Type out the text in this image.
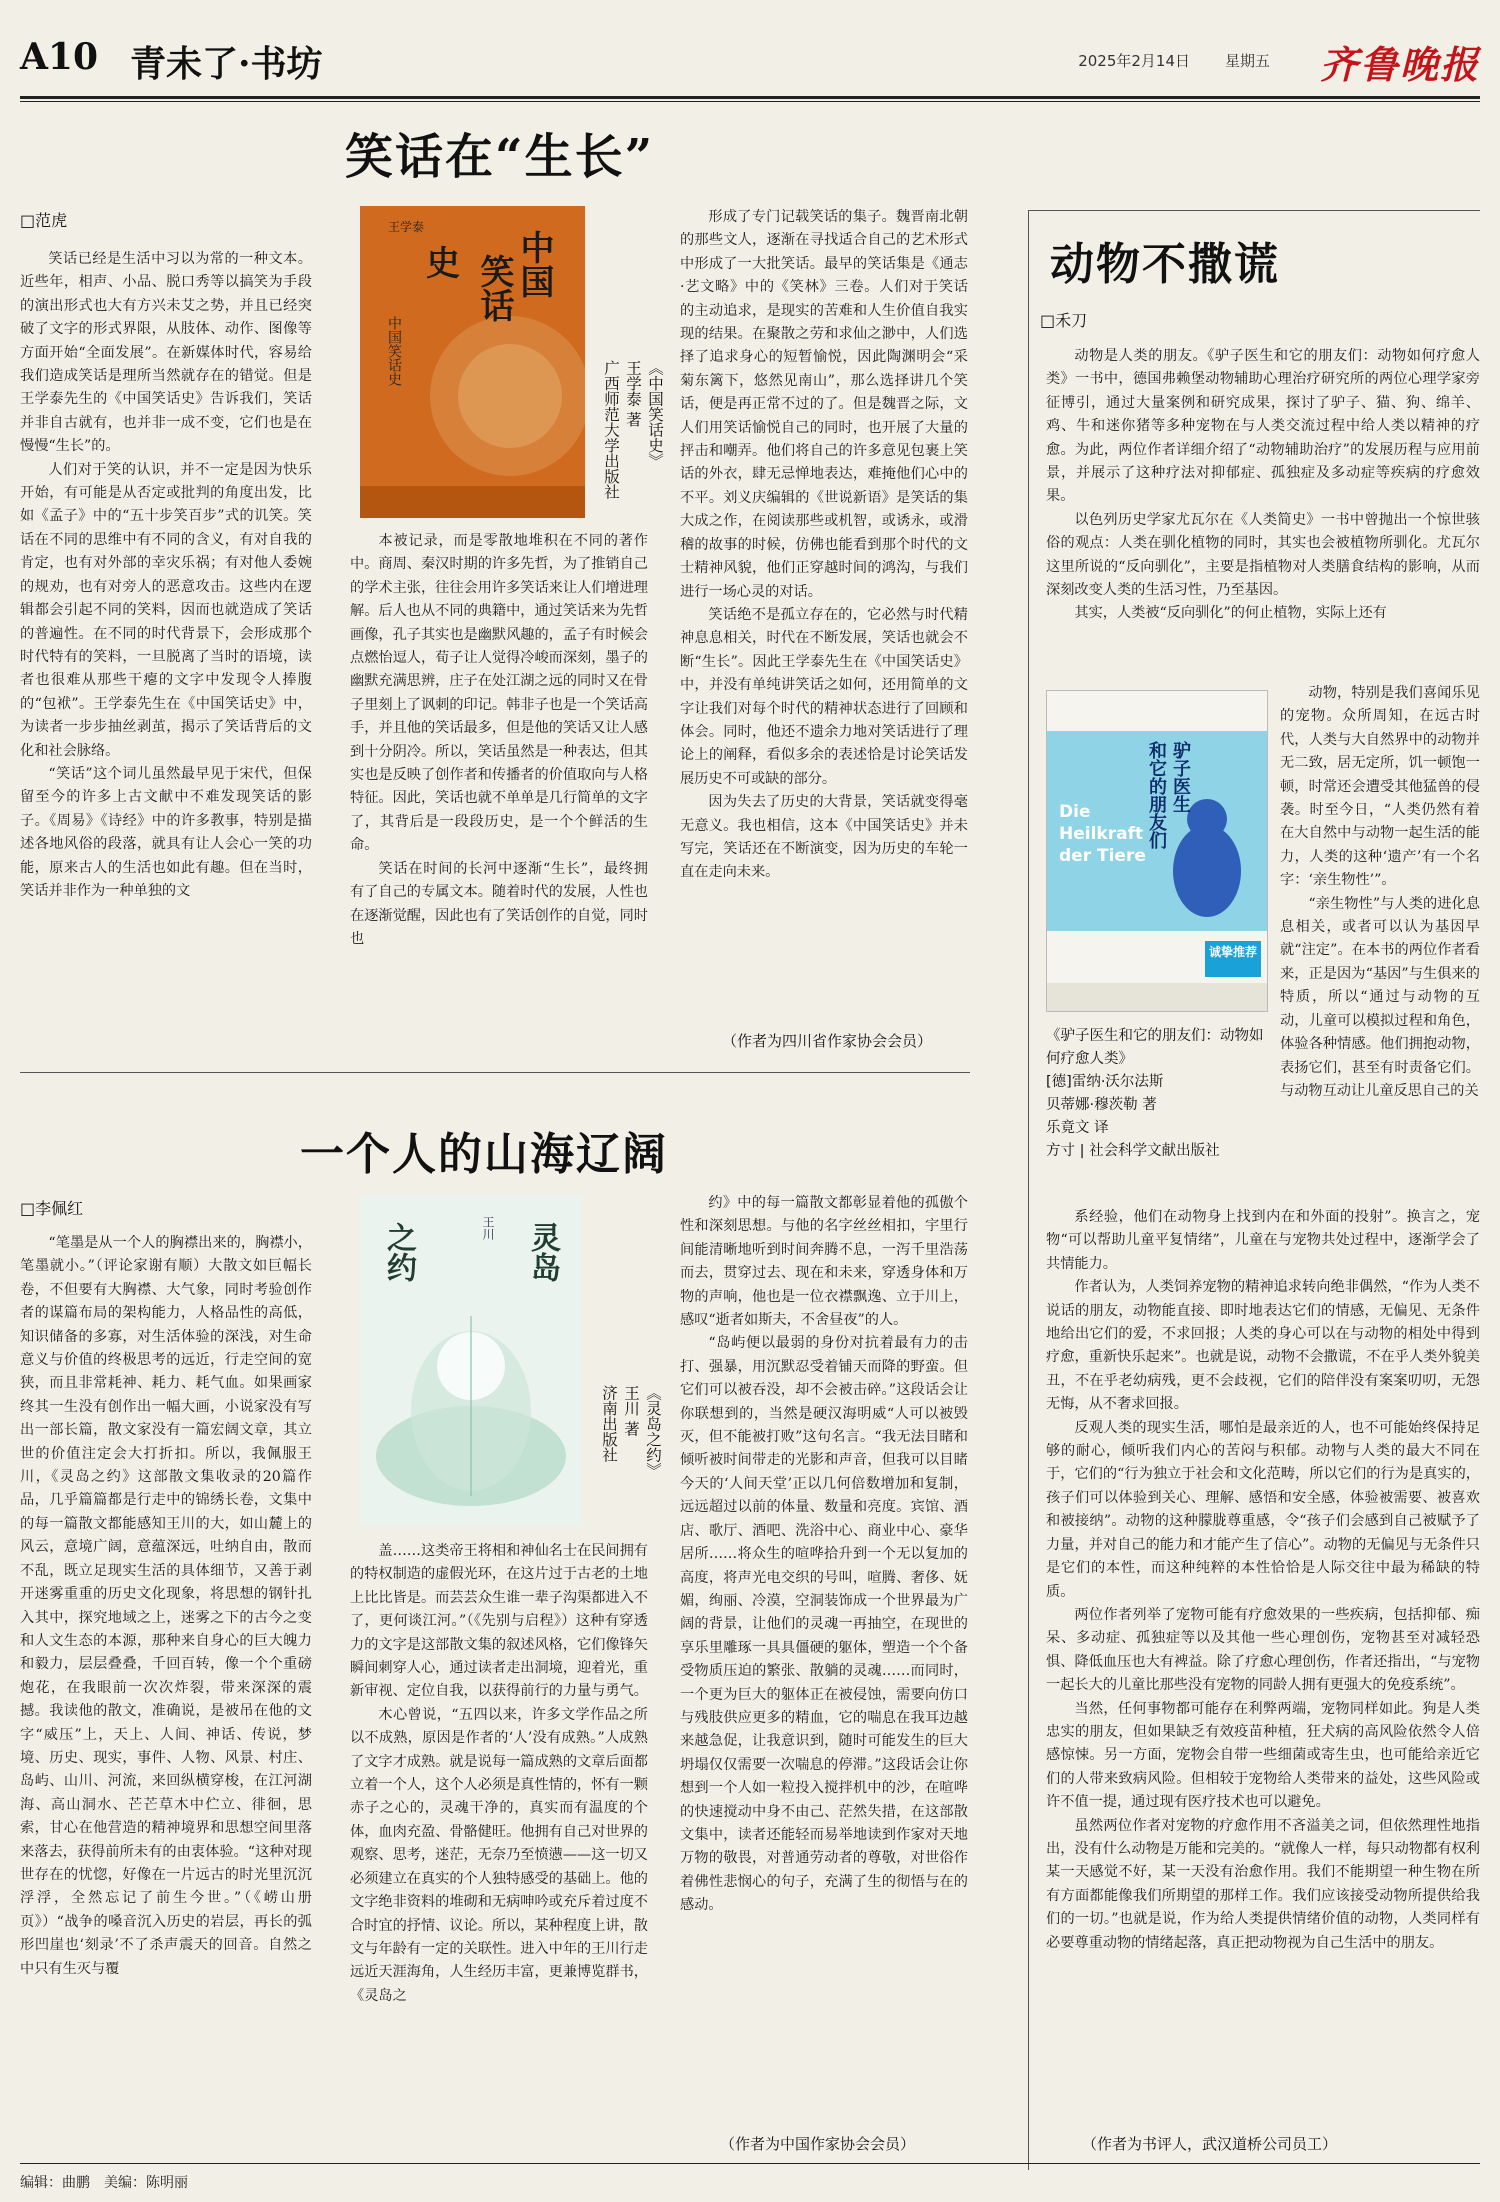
A10 青未了·书坊	2025年2月14日 星期五 齐鲁晚报
笑话在“生长”
□范虎

笑话已经是生活中习以为常的一种文本。近些年，相声、小品、脱口秀等以搞笑为手段的演出形式也大有方兴未艾之势，并且已经突破了文字的形式界限，从肢体、动作、图像等方面开始“全面发展”。在新媒体时代，容易给我们造成笑话是理所当然就存在的错觉。但是王学泰先生的《中国笑话史》告诉我们，笑话并非自古就有，也并非一成不变，它们也是在慢慢“生长”的。

人们对于笑的认识，并不一定是因为快乐开始，有可能是从否定或批判的角度出发，比如《孟子》中的“五十步笑百步”式的讥笑。笑话在不同的思维中有不同的含义，有对自我的肯定，也有对外部的幸灾乐祸；有对他人委婉的规劝，也有对旁人的恶意攻击。这些内在逻辑都会引起不同的笑料，因而也就造成了笑话的普遍性。在不同的时代背景下，会形成那个时代特有的笑料，一旦脱离了当时的语境，读者也很难从那些干瘪的文字中发现令人捧腹的“包袱”。王学泰先生在《中国笑话史》中，为读者一步步抽丝剥茧，揭示了笑话背后的文化和社会脉络。

“笑话”这个词儿虽然最早见于宋代，但保留至今的许多上古文献中不难发现笑话的影子。《周易》《诗经》中的许多教事，特别是描述各地风俗的段落，就具有让人会心一笑的功能，原来古人的生活也如此有趣。但在当时，笑话并非作为一种单独的文

中国
笑话
史
王学泰
中国笑话史
《中国笑话史》
王学泰 著
广西师范大学出版社

本被记录，而是零散地堆积在不同的著作中。商周、秦汉时期的许多先哲，为了推销自己的学术主张，往往会用许多笑话来让人们增进理解。后人也从不同的典籍中，通过笑话来为先哲画像，孔子其实也是幽默风趣的，孟子有时候会点燃怡逗人，荀子让人觉得冷峻而深刻，墨子的幽默充满思辨，庄子在处江湖之远的同时又在骨子里刻上了讽刺的印记。韩非子也是一个笑话高手，并且他的笑话最多，但是他的笑话又让人感到十分阴冷。所以，笑话虽然是一种表达，但其实也是反映了创作者和传播者的价值取向与人格特征。因此，笑话也就不单单是几行简单的文字了，其背后是一段段历史，是一个个鲜活的生命。

笑话在时间的长河中逐渐“生长”，最终拥有了自己的专属文本。随着时代的发展，人性也在逐渐觉醒，因此也有了笑话创作的自觉，同时也

形成了专门记载笑话的集子。魏晋南北朝的那些文人，逐渐在寻找适合自己的艺术形式中形成了一大批笑话。最早的笑话集是《通志·艺文略》中的《笑林》三卷。人们对于笑话的主动追求，是现实的苦难和人生价值自我实现的结果。在聚散之劳和求仙之渺中，人们选择了追求身心的短暂愉悦，因此陶渊明会“采菊东篱下，悠然见南山”，那么选择讲几个笑话，便是再正常不过的了。但是魏晋之际，文人们用笑话愉悦自己的同时，也开展了大量的抨击和嘲弄。他们将自己的许多意见包裹上笑话的外衣，肆无忌惮地表达，难掩他们心中的不平。刘义庆编辑的《世说新语》是笑话的集大成之作，在阅读那些或机智，或诱永，或滑稽的故事的时候，仿佛也能看到那个时代的文士精神风貌，他们正穿越时间的鸿沟，与我们进行一场心灵的对话。

笑话绝不是孤立存在的，它必然与时代精神息息相关，时代在不断发展，笑话也就会不断“生长”。因此王学泰先生在《中国笑话史》中，并没有单纯讲笑话之如何，还用简单的文字让我们对每个时代的精神状态进行了回顾和体会。同时，他还不遗余力地对笑话进行了理论上的阐释，看似多余的表述恰是讨论笑话发展历史不可或缺的部分。

因为失去了历史的大背景，笑话就变得毫无意义。我也相信，这本《中国笑话史》并未写完，笑话还在不断演变，因为历史的车轮一直在走向未来。

（作者为四川省作家协会会员）
一个人的山海辽阔
□李佩红

“笔墨是从一个人的胸襟出来的，胸襟小，笔墨就小。”（评论家谢有顺）大散文如巨幅长卷，不但要有大胸襟、大气象，同时考验创作者的谋篇布局的架构能力，人格品性的高低，知识储备的多寡，对生活体验的深浅，对生命意义与价值的终极思考的远近，行走空间的宽狭，而且非常耗神、耗力、耗气血。如果画家终其一生没有创作出一幅大画，小说家没有写出一部长篇，散文家没有一篇宏阔文章，其立世的价值注定会大打折扣。所以，我佩服王川，《灵岛之约》这部散文集收录的20篇作品，几乎篇篇都是行走中的锦绣长卷，文集中的每一篇散文都能感知王川的大，如山麓上的风云，意境广阔，意蕴深远，吐纳自由，散而不乱，既立足现实生活的具体细节，又善于剥开迷雾重重的历史文化现象，将思想的钢针扎入其中，探究地域之上，迷雾之下的古今之变和人文生态的本源，那种来自身心的巨大魄力和毅力，层层叠叠，千回百转，像一个个重磅炮花，在我眼前一次次炸裂，带来深深的震撼。我读他的散文，准确说，是被吊在他的文字“威压”上，天上、人间、神话、传说，梦境、历史、现实，事件、人物、风景、村庄、岛屿、山川、河流，来回纵横穿梭，在江河湖海、高山洞水、芒芒草木中伫立、徘徊，思索，甘心在他营造的精神境界和思想空间里落来落去，获得前所未有的由衷体验。“这种对现世存在的忧惚，好像在一片远古的时光里沉沉浮浮，全然忘记了前生今世。”（《崂山册页》）“战争的嗓音沉入历史的岩层，再长的弧形凹崖也‘刻录’不了杀声震天的回音。自然之中只有生灭与覆

灵岛
之约	王川
《灵岛之约》
王川 著
济南出版社

盖……这类帝王将相和神仙名士在民间拥有的特权制造的虚假光环，在这片过于古老的土地上比比皆是。而芸芸众生谁一辈子沟渠都进入不了，更何谈江河。”（《先别与启程》）这种有穿透力的文字是这部散文集的叙述风格，它们像锋矢瞬间刺穿人心，通过读者走出洞境，迎着光，重新审视、定位自我，以获得前行的力量与勇气。

木心曾说，“五四以来，许多文学作品之所以不成熟，原因是作者的‘人’没有成熟。”人成熟了文字才成熟。就是说每一篇成熟的文章后面都立着一个人，这个人必须是真性情的，怀有一颗赤子之心的，灵魂干净的，真实而有温度的个体，血肉充盈、骨骼健旺。他拥有自己对世界的观察、思考，迷茫，无奈乃至愤懑——这一切又必须建立在真实的个人独特感受的基础上。他的文字绝非资料的堆砌和无病呻吟或充斥着过度不合时宜的抒情、议论。所以，某种程度上讲，散文与年龄有一定的关联性。进入中年的王川行走远近天涯海角，人生经历丰富，更兼博览群书，《灵岛之

约》中的每一篇散文都彰显着他的孤傲个性和深刻思想。与他的名字丝丝相扣，宇里行间能清晰地听到时间奔腾不息，一泻千里浩荡而去，贯穿过去、现在和未来，穿透身体和万物的声响，他也是一位衣襟飘逸、立于川上，感叹“逝者如斯夫，不舍昼夜”的人。

“岛屿便以最弱的身份对抗着最有力的击打、强暴，用沉默忍受着铺天而降的野蛮。但它们可以被吞没，却不会被击碎。”这段话会让你联想到的，当然是硬汉海明威“人可以被毁灭，但不能被打败”这句名言。“我无法目睹和倾听被时间带走的光影和声音，但我可以目睹今天的‘人间天堂’正以几何倍数增加和复制，远远超过以前的体量、数量和亮度。宾馆、酒店、歌厅、酒吧、洗浴中心、商业中心、豪华居所……将众生的喧哗拾升到一个无以复加的高度，将声光电交织的号叫，喧腾、奢侈、妩媚，绚丽、冷漠，空洞装饰成一个世界最为广阔的背景，让他们的灵魂一再抽空，在现世的享乐里雕琢一具具僵硬的躯体，塑造一个个备受物质压迫的繁张、散躺的灵魂……而同时，一个更为巨大的躯体正在被侵蚀，需要向仿口与残肢供应更多的精血，它的喘息在我耳边越来越急促，让我意识到，随时可能发生的巨大坍塌仅仅需要一次喘息的停滞。”这段话会让你想到一个人如一粒投入搅拌机中的沙，在喧哗的快速搅动中身不由己、茫然失措，在这部散文集中，读者还能轻而易举地读到作家对天地万物的敬畏，对普通劳动者的尊敬，对世俗作着佛性悲悯心的句子，充满了生的彻悟与在的感动。

（作者为中国作家协会会员）
动物不撒谎
□禾刀

动物是人类的朋友。《驴子医生和它的朋友们：动物如何疗愈人类》一书中，德国弗赖堡动物辅助心理治疗研究所的两位心理学家旁征博引，通过大量案例和研究成果，探讨了驴子、猫、狗、绵羊、鸡、牛和迷你猪等多种宠物在与人类交流过程中给人类以精神的疗愈。为此，两位作者详细介绍了“动物辅助治疗”的发展历程与应用前景，并展示了这种疗法对抑郁症、孤独症及多动症等疾病的疗愈效果。

以色列历史学家尤瓦尔在《人类简史》一书中曾抛出一个惊世骇俗的观点：人类在驯化植物的同时，其实也会被植物所驯化。尤瓦尔这里所说的“反向驯化”，主要是指植物对人类膳食结构的影响，从而深刻改变人类的生活习性，乃至基因。

其实，人类被“反向驯化”的何止植物，实际上还有

Die Heilkraft der Tiere
驴子医生
和它的朋友们
诚挚推荐

动物，特别是我们喜闻乐见的宠物。众所周知，在远古时代，人类与大自然界中的动物并无二致，居无定所，饥一顿饱一顿，时常还会遭受其他猛兽的侵袭。时至今日，“人类仍然有着在大自然中与动物一起生活的能力，人类的这种‘遗产’有一个名字：‘亲生物性’”。

“亲生物性”与人类的进化息息相关，或者可以认为基因早就“注定”。在本书的两位作者看来，正是因为“基因”与生俱来的特质，所以“通过与动物的互动，儿童可以模拟过程和角色，体验各种情感。他们拥抱动物，表扬它们，甚至有时责备它们。与动物互动让儿童反思自己的关

《驴子医生和它的朋友们：动物如何疗愈人类》
[德]雷纳·沃尔法斯
贝蒂娜·穆茨勒 著
乐竟文 译
方寸 | 社会科学文献出版社

系经验，他们在动物身上找到内在和外面的投射”。换言之，宠物“可以帮助儿童平复情绪”，儿童在与宠物共处过程中，逐渐学会了共情能力。

作者认为，人类饲养宠物的精神追求转向绝非偶然，“作为人类不说话的朋友，动物能直接、即时地表达它们的情感，无偏见、无条件地给出它们的爱，不求回报；人类的身心可以在与动物的相处中得到疗愈，重新快乐起来”。也就是说，动物不会撒谎，不在乎人类外貌美丑，不在乎老幼病残，更不会歧视，它们的陪伴没有案案叨叨，无怨无悔，从不奢求回报。

反观人类的现实生活，哪怕是最亲近的人，也不可能始终保持足够的耐心，倾听我们内心的苦闷与积郁。动物与人类的最大不同在于，它们的“行为独立于社会和文化范畴，所以它们的行为是真实的，孩子们可以体验到关心、理解、感悟和安全感，体验被需要、被喜欢和被接纳”。动物的这种朦胧尊重感，令“孩子们会感到自己被赋予了力量，并对自己的能力和才能产生了信心”。动物的无偏见与无条件只是它们的本性，而这种纯粹的本性恰恰是人际交往中最为稀缺的特质。

两位作者列举了宠物可能有疗愈效果的一些疾病，包括抑郁、痴呆、多动症、孤独症等以及其他一些心理创伤，宠物甚至对减轻恐惧、降低血压也大有裨益。除了疗愈心理创伤，作者还指出，“与宠物一起长大的儿童比那些没有宠物的同龄人拥有更强大的免疫系统”。

当然，任何事物都可能存在利弊两端，宠物同样如此。狗是人类忠实的朋友，但如果缺乏有效疫苗种植，狂犬病的高风险依然令人倍感惊悚。另一方面，宠物会自带一些细菌或寄生虫，也可能给亲近它们的人带来致病风险。但相较于宠物给人类带来的益处，这些风险或许不值一提，通过现有医疗技术也可以避免。

虽然两位作者对宠物的疗愈作用不吝溢美之词，但依然理性地指出，没有什么动物是万能和完美的。“就像人一样，每只动物都有权利某一天感觉不好，某一天没有治愈作用。我们不能期望一种生物在所有方面都能像我们所期望的那样工作。我们应该接受动物所提供给我们的一切。”也就是说，作为给人类提供情绪价值的动物，人类同样有必要尊重动物的情绪起落，真正把动物视为自己生活中的朋友。

（作者为书评人，武汉道桥公司员工）
编辑：曲鹏　美编：陈明丽
